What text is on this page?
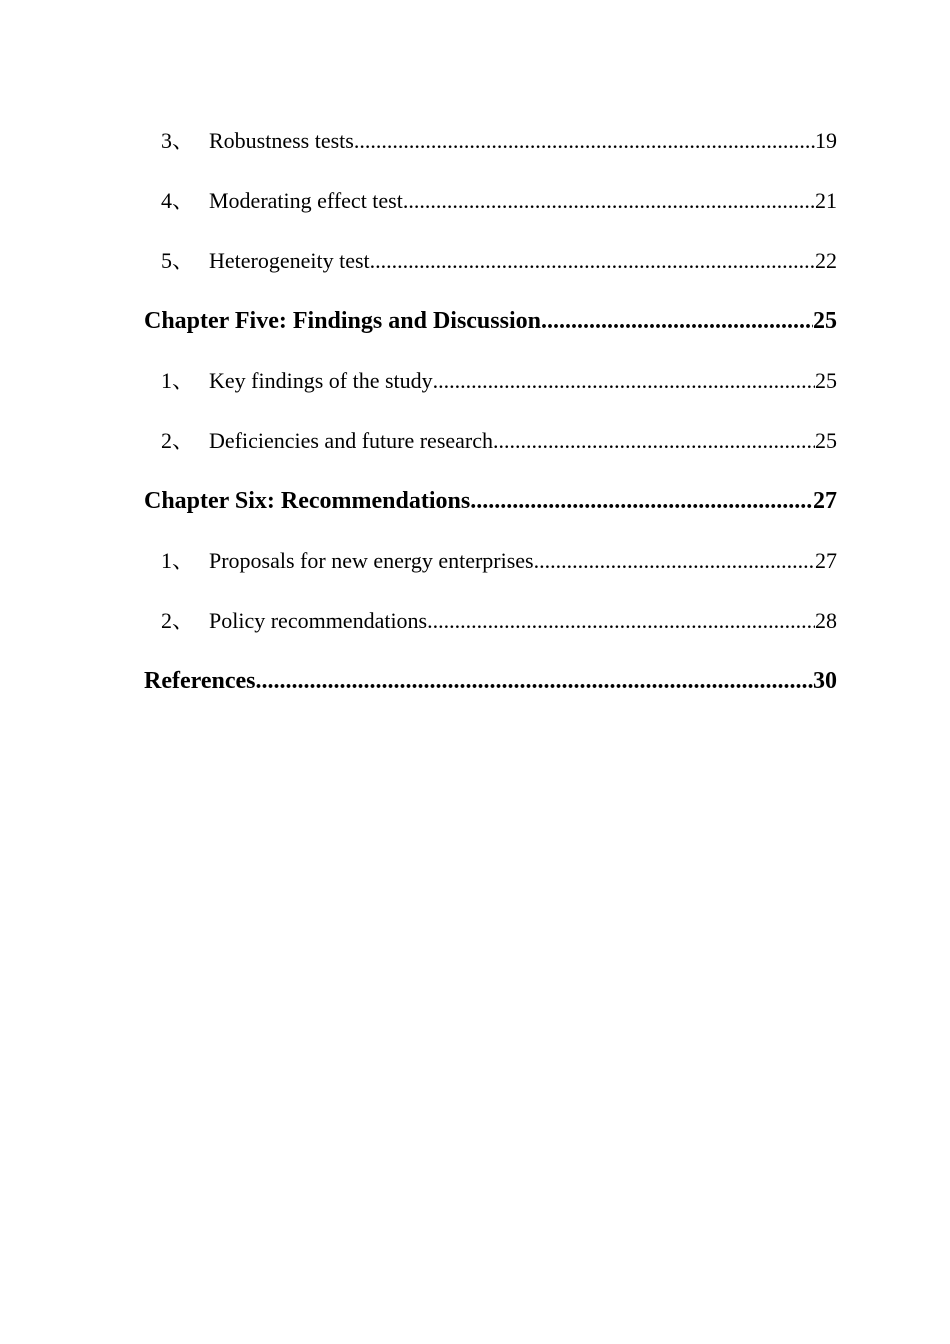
3、 Robustness tests .....	19
4、 Moderating effect test .....	21
5、 Heterogeneity test .....	22
Chapter Five: Findings and Discussion .....	25
1、 Key findings of the study .....	25
2、 Deficiencies and future research .....	25
Chapter Six: Recommendations .....	27
1、 Proposals for new energy enterprises .....	27
2、 Policy recommendations .....	28
References .....	30
